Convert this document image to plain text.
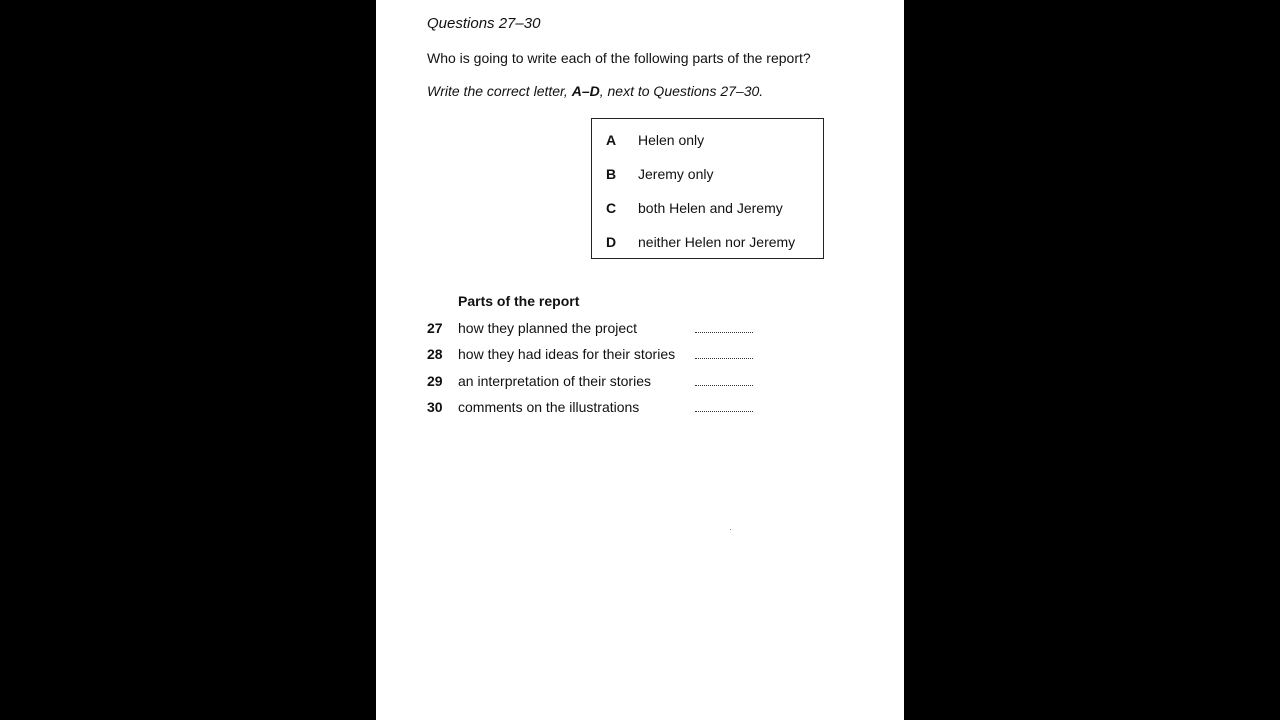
Questions 27–30
Who is going to write each of the following parts of the report?
Write the correct letter, A–D, next to Questions 27–30.
A Helen only
B Jeremy only
C both Helen and Jeremy
D neither Helen nor Jeremy
Parts of the report
27 how they planned the project
28 how they had ideas for their stories
29 an interpretation of their stories
30 comments on the illustrations
